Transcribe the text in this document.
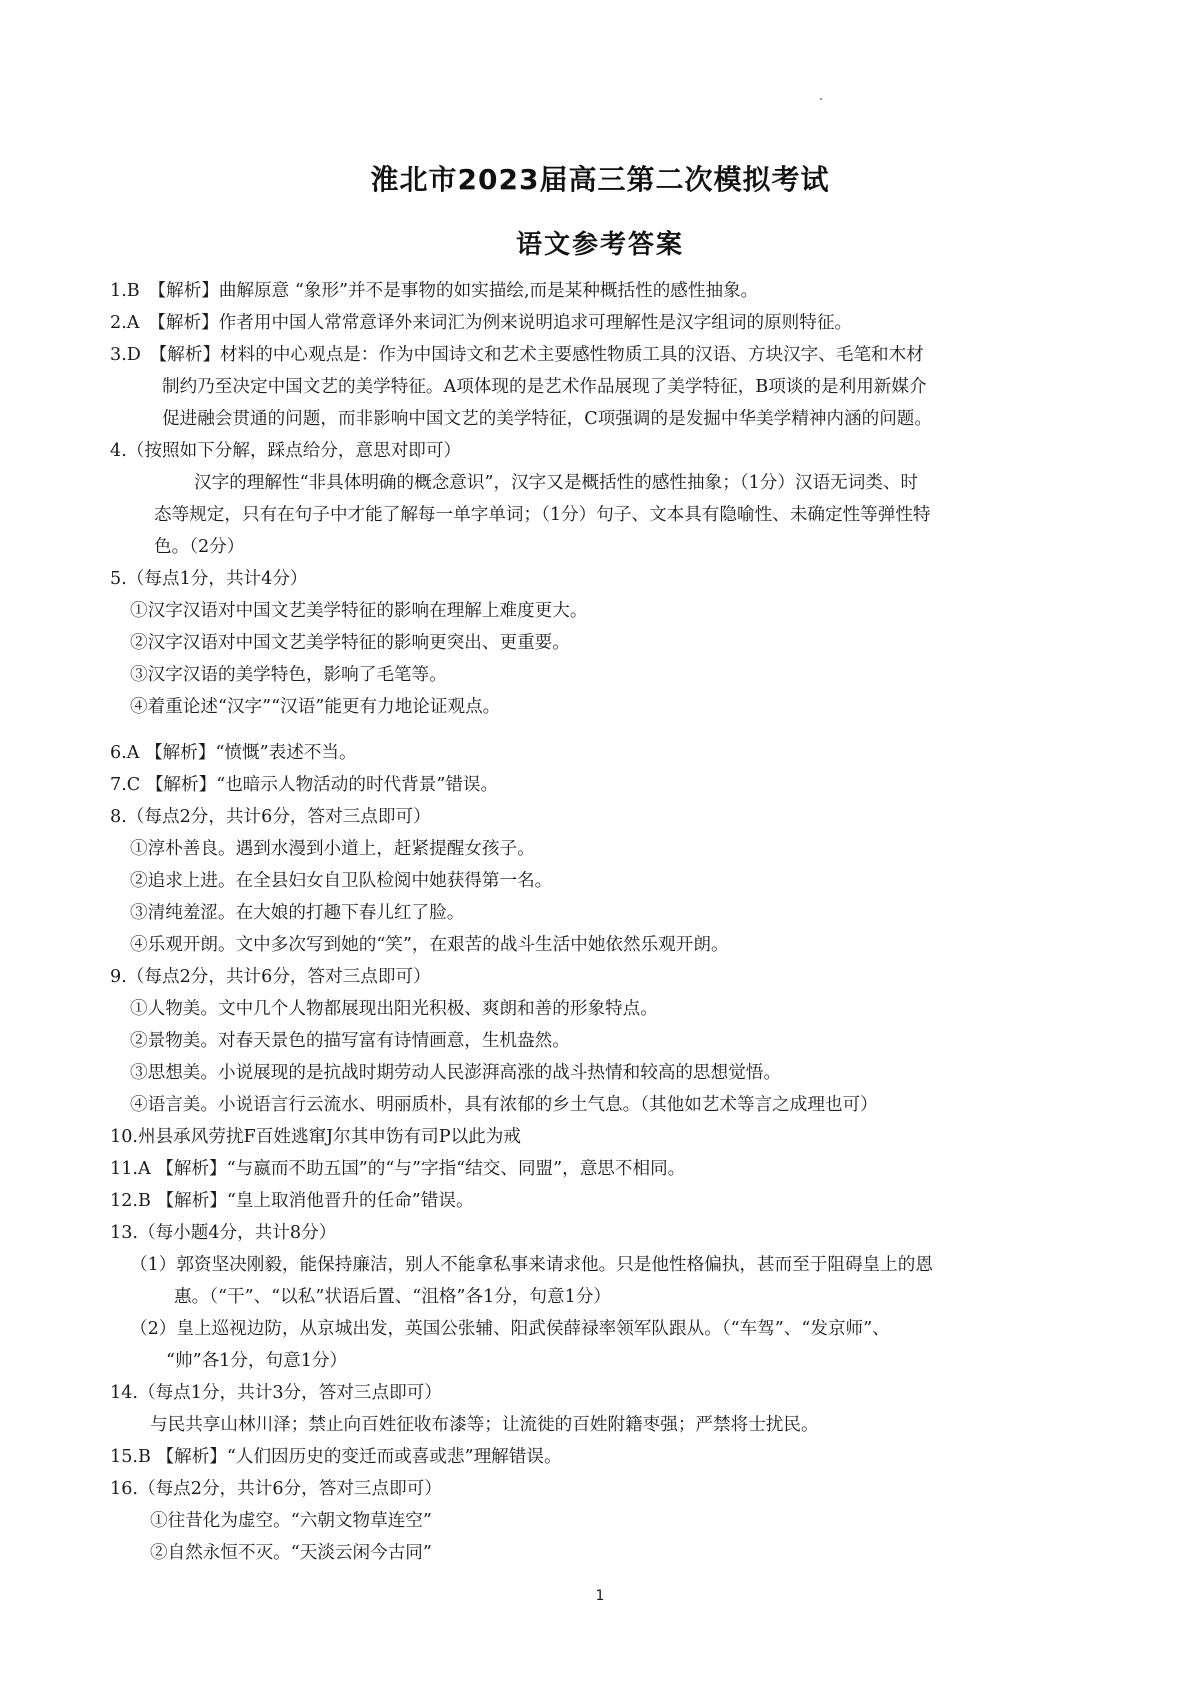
淮北市2023届高三第二次模拟考试
语文参考答案
1.B　【解析】曲解原意 “象形”并不是事物的如实描绘,而是某种概括性的感性抽象。
2.A　【解析】作者用中国人常常意译外来词汇为例来说明追求可理解性是汉字组词的原则特征。
3.D　【解析】材料的中心观点是：作为中国诗文和艺术主要感性物质工具的汉语、方块汉字、毛笔和木材
制约乃至决定中国文艺的美学特征。A项体现的是艺术作品展现了美学特征，B项谈的是利用新媒介
促进融会贯通的问题，而非影响中国文艺的美学特征，C项强调的是发掘中华美学精神内涵的问题。
4.（按照如下分解，踩点给分，意思对即可）
汉字的理解性“非具体明确的概念意识”，汉字又是概括性的感性抽象；（1分）汉语无词类、时
态等规定，只有在句子中才能了解每一单字单词；（1分）句子、文本具有隐喻性、未确定性等弹性特
色。（2分）
5.（每点1分，共计4分）
①汉字汉语对中国文艺美学特征的影响在理解上难度更大。
②汉字汉语对中国文艺美学特征的影响更突出、更重要。
③汉字汉语的美学特色，影响了毛笔等。
④着重论述“汉字”“汉语”能更有力地论证观点。
6.A 【解析】“愤慨”表述不当。
7.C 【解析】“也暗示人物活动的时代背景”错误。
8.（每点2分，共计6分，答对三点即可）
①淳朴善良。遇到水漫到小道上，赶紧提醒女孩子。
②追求上进。在全县妇女自卫队检阅中她获得第一名。
③清纯羞涩。在大娘的打趣下春儿红了脸。
④乐观开朗。文中多次写到她的“笑”，在艰苦的战斗生活中她依然乐观开朗。
9.（每点2分，共计6分，答对三点即可）
①人物美。文中几个人物都展现出阳光积极、爽朗和善的形象特点。
②景物美。对春天景色的描写富有诗情画意，生机盎然。
③思想美。小说展现的是抗战时期劳动人民澎湃高涨的战斗热情和较高的思想觉悟。
④语言美。小说语言行云流水、明丽质朴，具有浓郁的乡土气息。（其他如艺术等言之成理也可）
10.州县承风劳扰F百姓逃窜J尔其申饬有司P以此为戒
11.A 【解析】“与嬴而不助五国”的“与”字指“结交、同盟”，意思不相同。
12.B 【解析】“皇上取消他晋升的任命”错误。
13.（每小题4分，共计8分）
（1）郭资坚决刚毅，能保持廉洁，别人不能拿私事来请求他。只是他性格偏执，甚而至于阻碍皇上的恩
惠。（“干”、“以私”状语后置、“沮格”各1分，句意1分）
（2）皇上巡视边防，从京城出发，英国公张辅、阳武侯薛禄率领军队跟从。（“车驾”、“发京师”、
“帅”各1分，句意1分）
14.（每点1分，共计3分，答对三点即可）
与民共享山林川泽；禁止向百姓征收布漆等；让流徙的百姓附籍枣强；严禁将士扰民。
15.B 【解析】“人们因历史的变迁而或喜或悲”理解错误。
16.（每点2分，共计6分，答对三点即可）
①往昔化为虚空。“六朝文物草连空”
②自然永恒不灭。“天淡云闲今古同”
1
